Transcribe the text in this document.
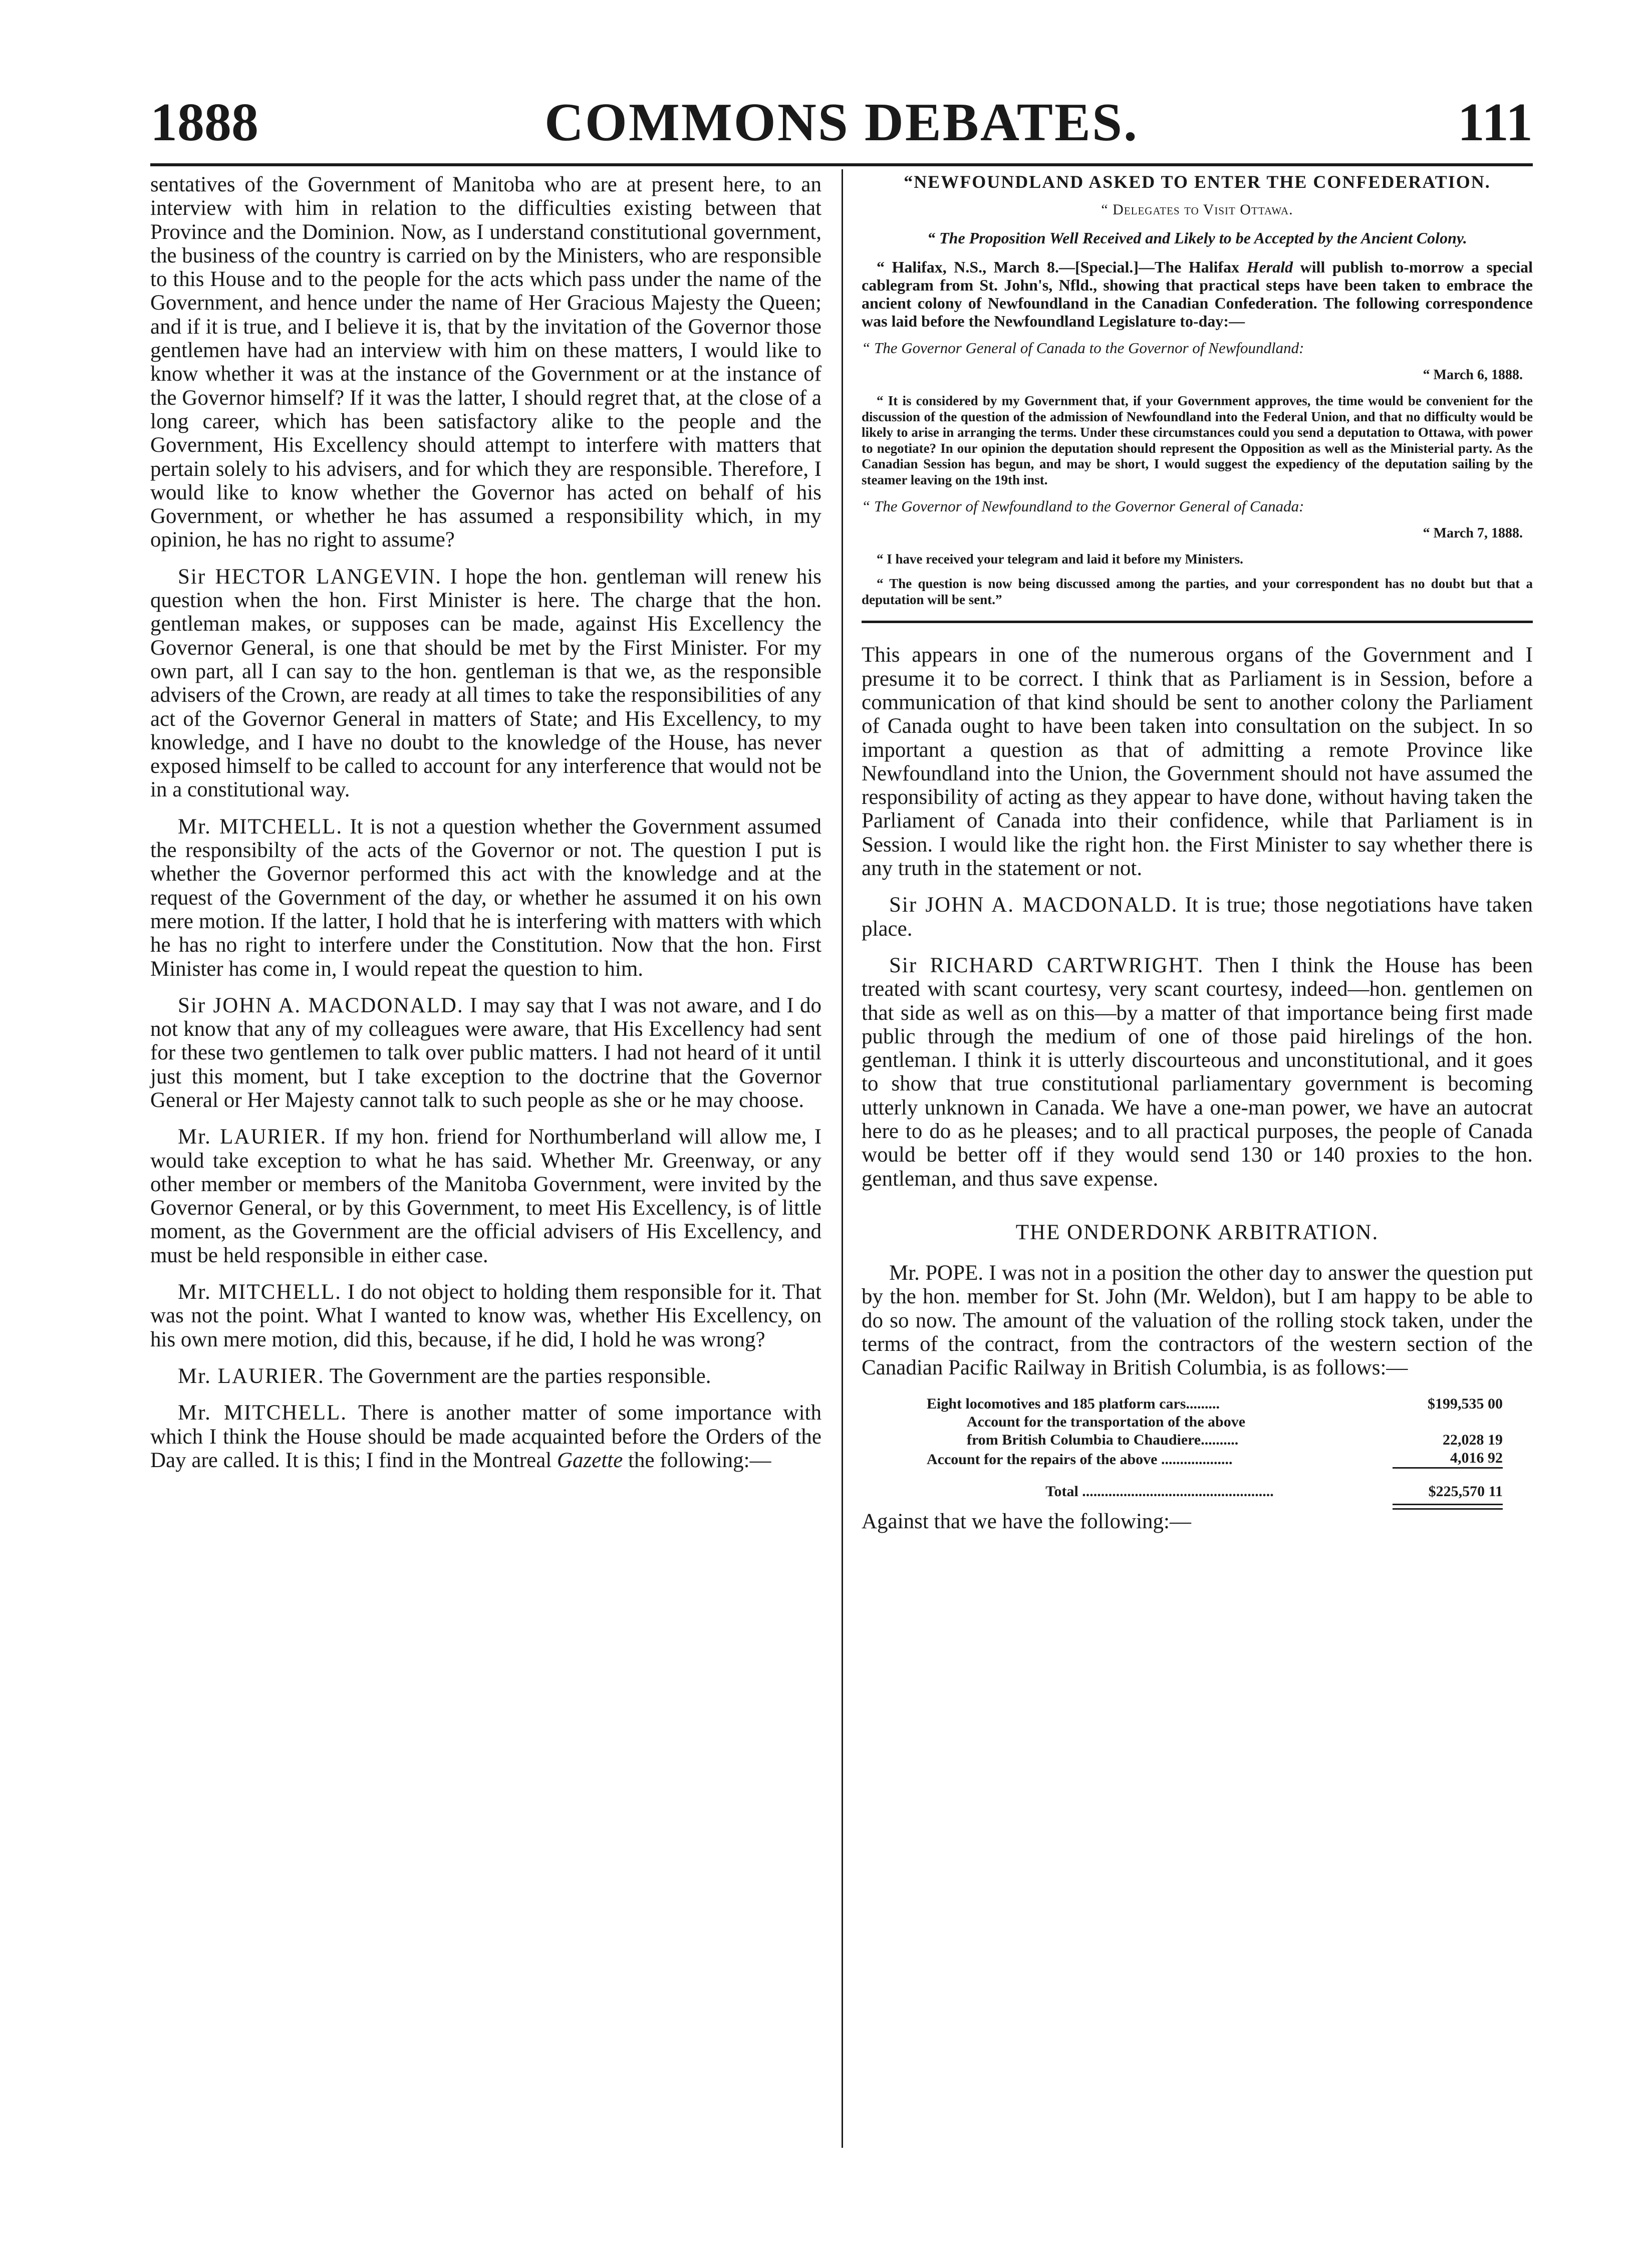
COMMONS DEBATES.
1888	111

sentatives of the Government of Manitoba who are at present here, to an interview with him in relation to the difficulties existing between that Province and the Dominion. Now, as I understand constitutional government, the business of the country is carried on by the Ministers, who are responsible to this House and to the people for the acts which pass under the name of the Government, and hence under the name of Her Gracious Majesty the Queen; and if it is true, and I believe it is, that by the invitation of the Governor those gentlemen have had an interview with him on these matters, I would like to know whether it was at the instance of the Government or at the instance of the Governor himself? If it was the latter, I should regret that, at the close of a long career, which has been satisfactory alike to the people and the Government, His Excellency should attempt to interfere with matters that pertain solely to his advisers, and for which they are responsible. Therefore, I would like to know whether the Governor has acted on behalf of his Government, or whether he has assumed a responsibility which, in my opinion, he has no right to assume?

Sir HECTOR LANGEVIN. I hope the hon. gentleman will renew his question when the hon. First Minister is here. The charge that the hon. gentleman makes, or supposes can be made, against His Excellency the Governor General, is one that should be met by the First Minister. For my own part, all I can say to the hon. gentleman is that we, as the responsible advisers of the Crown, are ready at all times to take the responsibilities of any act of the Governor General in matters of State; and His Excellency, to my knowledge, and I have no doubt to the knowledge of the House, has never exposed himself to be called to account for any interference that would not be in a constitutional way.

Mr. MITCHELL. It is not a question whether the Government assumed the responsibilty of the acts of the Governor or not. The question I put is whether the Governor performed this act with the knowledge and at the request of the Government of the day, or whether he assumed it on his own mere motion. If the latter, I hold that he is interfering with matters with which he has no right to interfere under the Constitution. Now that the hon. First Minister has come in, I would repeat the question to him.

Sir JOHN A. MACDONALD. I may say that I was not aware, and I do not know that any of my colleagues were aware, that His Excellency had sent for these two gentlemen to talk over public matters. I had not heard of it until just this moment, but I take exception to the doctrine that the Governor General or Her Majesty cannot talk to such people as she or he may choose.

Mr. LAURIER. If my hon. friend for Northumberland will allow me, I would take exception to what he has said. Whether Mr. Greenway, or any other member or members of the Manitoba Government, were invited by the Governor General, or by this Government, to meet His Excellency, is of little moment, as the Government are the official advisers of His Excellency, and must be held responsible in either case.

Mr. MITCHELL. I do not object to holding them responsible for it. That was not the point. What I wanted to know was, whether His Excellency, on his own mere motion, did this, because, if he did, I hold he was wrong?

Mr. LAURIER. The Government are the parties responsible.

Mr. MITCHELL. There is another matter of some importance with which I think the House should be made acquainted before the Orders of the Day are called. It is this; I find in the Montreal Gazette the following:—

“NEWFOUNDLAND ASKED TO ENTER THE CONFEDERATION.
“ Delegates to Visit Ottawa.
“ The Proposition Well Received and Likely to be Accepted by the Ancient Colony.

“ Halifax, N.S., March 8.—[Special.]—The Halifax Herald will publish to-morrow a special cablegram from St. John's, Nfld., showing that practical steps have been taken to embrace the ancient colony of Newfoundland in the Canadian Confederation. The following correspondence was laid before the Newfoundland Legislature to-day:—

“ The Governor General of Canada to the Governor of Newfoundland:

“ March 6, 1888.

“ It is considered by my Government that, if your Government approves, the time would be convenient for the discussion of the question of the admission of Newfoundland into the Federal Union, and that no difficulty would be likely to arise in arranging the terms. Under these circumstances could you send a deputation to Ottawa, with power to negotiate? In our opinion the deputation should represent the Opposition as well as the Ministerial party. As the Canadian Session has begun, and may be short, I would suggest the expediency of the deputation sailing by the steamer leaving on the 19th inst.

“ The Governor of Newfoundland to the Governor General of Canada:

“ March 7, 1888.

“ I have received your telegram and laid it before my Ministers.

“ The question is now being discussed among the parties, and your correspondent has no doubt but that a deputation will be sent.”

This appears in one of the numerous organs of the Government and I presume it to be correct. I think that as Parliament is in Session, before a communication of that kind should be sent to another colony the Parliament of Canada ought to have been taken into consultation on the subject. In so important a question as that of admitting a remote Province like Newfoundland into the Union, the Government should not have assumed the responsibility of acting as they appear to have done, without having taken the Parliament of Canada into their confidence, while that Parliament is in Session. I would like the right hon. the First Minister to say whether there is any truth in the statement or not.

Sir JOHN A. MACDONALD. It is true; those negotiations have taken place.

Sir RICHARD CARTWRIGHT. Then I think the House has been treated with scant courtesy, very scant courtesy, indeed—hon. gentlemen on that side as well as on this—by a matter of that importance being first made public through the medium of one of those paid hirelings of the hon. gentleman. I think it is utterly discourteous and unconstitutional, and it goes to show that true constitutional parliamentary government is becoming utterly unknown in Canada. We have a one-man power, we have an autocrat here to do as he pleases; and to all practical purposes, the people of Canada would be better off if they would send 130 or 140 proxies to the hon. gentleman, and thus save expense.

THE ONDERDONK ARBITRATION.

Mr. POPE. I was not in a position the other day to answer the question put by the hon. member for St. John (Mr. Weldon), but I am happy to be able to do so now. The amount of the valuation of the rolling stock taken, under the terms of the contract, from the contractors of the western section of the Canadian Pacific Railway in British Columbia, is as follows:—

Eight locomotives and 185 platform cars.........	$199,535 00
Account for the transportation of the above
from British Columbia to Chaudiere..........	22,028 19
Account for the repairs of the above ...................	4,016 92
Total ...................................................	$225,570 11

Against that we have the following:—
